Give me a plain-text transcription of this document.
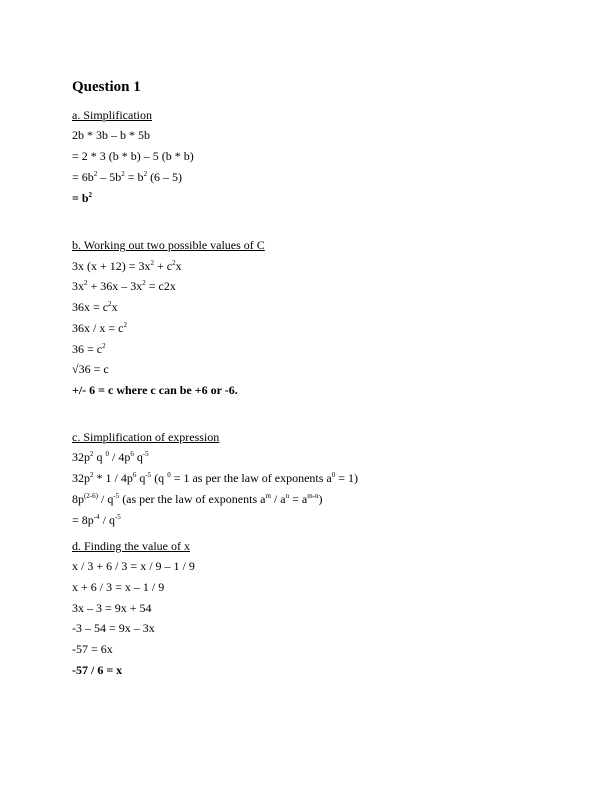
Question 1
a. Simplification
2b * 3b – b * 5b
= 2 * 3 (b * b) – 5 (b * b)
= $6b^2 - 5b^2 = b^2$ (6 – 5)
= $b^2$
b. Working out two possible values of C
3x $(x + 12) = 3x^2 + c^2x$
$3x^2 + 36x - 3x^2 = c2x$
$36x = c^2x$
$36x / x = c^2$
$36 = c^2$
√36 = c
+/- 6 = c where c can be +6 or -6.
c. Simplification of expression
$32p^2$ q $^0 / 4p^6$ $q^{-5}$
$32p^2 * 1 / 4p^6$ $q^{-5}$ (q $^0$ = 1 as per the law of exponents $a^0 = 1$)
$8p^{(2-6)} / q^{-5}$ (as per the law of exponents $a^m / a^n = a^{m-n}$)
= $8p^{-4} / q^{-5}$
d. Finding the value of x
x / 3 + 6 / 3 = x / 9 – 1 / 9
x + 6 / 3 = x – 1 / 9
3x – 3 = 9x + 54
-3 – 54 = 9x – 3x
-57 = 6x
-57 / 6 = x
